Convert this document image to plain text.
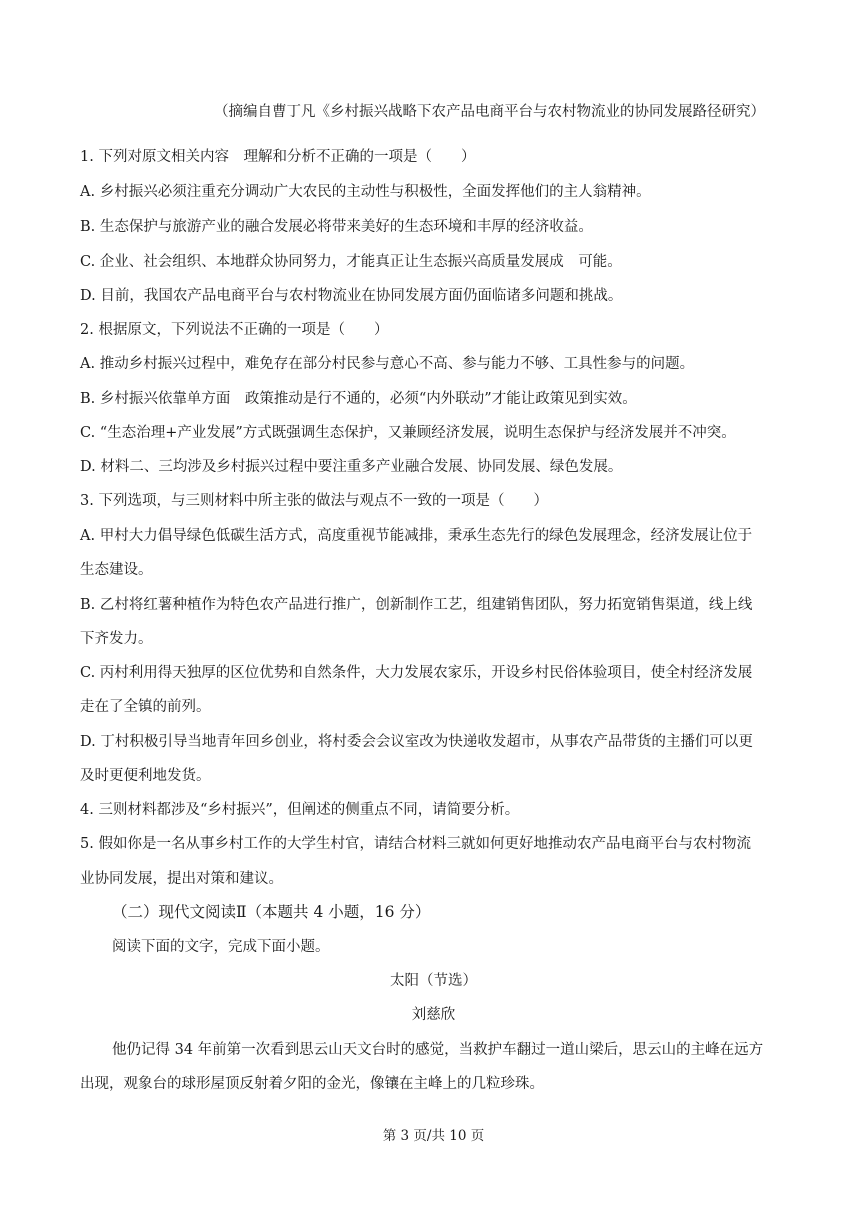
（摘编自曹丁凡《乡村振兴战略下农产品电商平台与农村物流业的协同发展路径研究）
1. 下列对原文相关内容　理解和分析不正确的一项是（　　）
A. 乡村振兴必须注重充分调动广大农民的主动性与积极性，全面发挥他们的主人翁精神。
B. 生态保护与旅游产业的融合发展必将带来美好的生态环境和丰厚的经济收益。
C. 企业、社会组织、本地群众协同努力，才能真正让生态振兴高质量发展成　可能。
D. 目前，我国农产品电商平台与农村物流业在协同发展方面仍面临诸多问题和挑战。
2. 根据原文，下列说法不正确的一项是（　　）
A. 推动乡村振兴过程中，难免存在部分村民参与意心不高、参与能力不够、工具性参与的问题。
B. 乡村振兴依靠单方面　政策推动是行不通的，必须“内外联动”才能让政策见到实效。
C. “生态治理+产业发展”方式既强调生态保护，又兼顾经济发展，说明生态保护与经济发展并不冲突。
D. 材料二、三均涉及乡村振兴过程中要注重多产业融合发展、协同发展、绿色发展。
3. 下列选项，与三则材料中所主张的做法与观点不一致的一项是（　　）
A. 甲村大力倡导绿色低碳生活方式，高度重视节能减排，秉承生态先行的绿色发展理念，经济发展让位于
生态建设。
B. 乙村将红薯种植作为特色农产品进行推广，创新制作工艺，组建销售团队，努力拓宽销售渠道，线上线
下齐发力。
C. 丙村利用得天独厚的区位优势和自然条件，大力发展农家乐，开设乡村民俗体验项目，使全村经济发展
走在了全镇的前列。
D. 丁村积极引导当地青年回乡创业，将村委会会议室改为快递收发超市，从事农产品带货的主播们可以更
及时更便利地发货。
4. 三则材料都涉及“乡村振兴”，但阐述的侧重点不同，请简要分析。
5. 假如你是一名从事乡村工作的大学生村官，请结合材料三就如何更好地推动农产品电商平台与农村物流
业协同发展，提出对策和建议。
（二）现代文阅读Ⅱ（本题共 4 小题，16 分）
阅读下面的文字，完成下面小题。
太阳（节选）
刘慈欣
他仍记得 34 年前第一次看到思云山天文台时的感觉，当救护车翻过一道山梁后，思云山的主峰在远方
出现，观象台的球形屋顶反射着夕阳的金光，像镶在主峰上的几粒珍珠。
第 3 页/共 10 页
